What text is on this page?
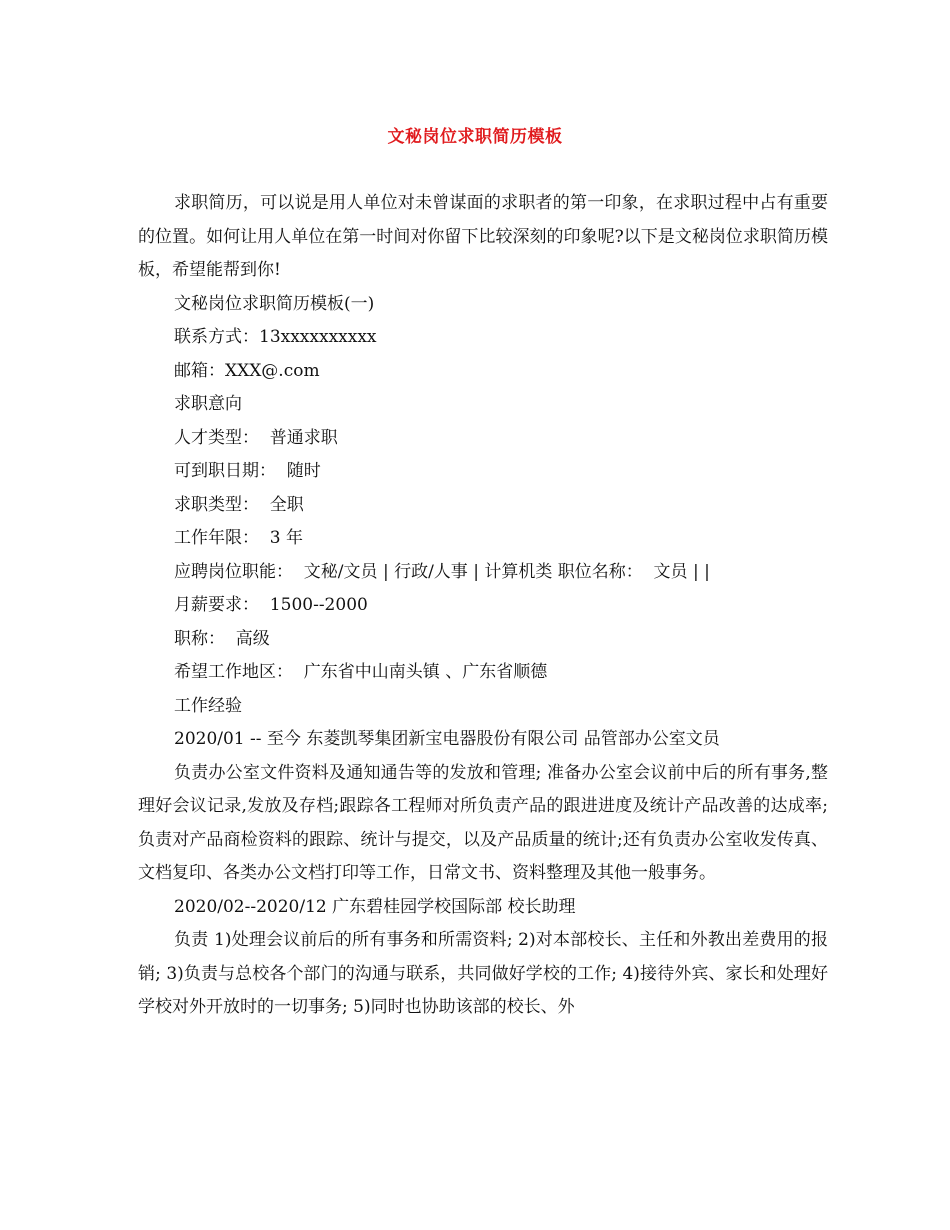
文秘岗位求职简历模板

求职简历，可以说是用人单位对未曾谋面的求职者的第一印象，在求职过程中占有重要的位置。如何让用人单位在第一时间对你留下比较深刻的印象呢?以下是文秘岗位求职简历模板，希望能帮到你!

文秘岗位求职简历模板(一)

联系方式：13xxxxxxxxxx

邮箱：XXX@.com

求职意向

人才类型：  普通求职

可到职日期：  随时

求职类型：  全职

工作年限：  3 年

应聘岗位职能：  文秘/文员 | 行政/人事 | 计算机类 职位名称：  文员 | |

月薪要求：  1500--2000

职称：  高级

希望工作地区：  广东省中山南头镇 、广东省顺德

工作经验

2020/01 -- 至今 东菱凯琴集团新宝电器股份有限公司 品管部办公室文员

负责办公室文件资料及通知通告等的发放和管理; 准备办公室会议前中后的所有事务,整理好会议记录,发放及存档;跟踪各工程师对所负责产品的跟进进度及统计产品改善的达成率; 负责对产品商检资料的跟踪、统计与提交，以及产品质量的统计;还有负责办公室收发传真、文档复印、各类办公文档打印等工作，日常文书、资料整理及其他一般事务。

2020/02--2020/12 广东碧桂园学校国际部 校长助理

负责 1)处理会议前后的所有事务和所需资料; 2)对本部校长、主任和外教出差费用的报销; 3)负责与总校各个部门的沟通与联系，共同做好学校的工作; 4)接待外宾、家长和处理好学校对外开放时的一切事务; 5)同时也协助该部的校长、外
